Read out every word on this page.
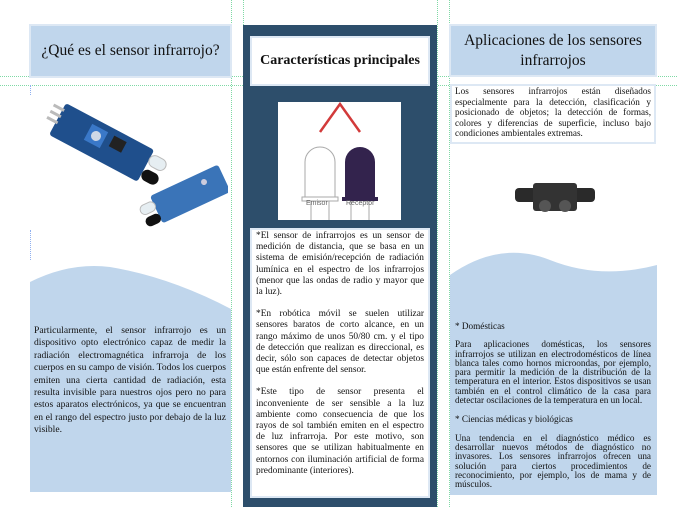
¿Qué es el sensor infrarrojo?
Particularmente, el sensor infrarrojo es un dispositivo opto electrónico capaz de medir la radiación electromagnética infrarroja de los cuerpos en su campo de visión. Todos los cuerpos emiten una cierta cantidad de radiación, esta resulta invisible para nuestros ojos pero no para estos aparatos electrónicos, ya que se encuentran en el rango del espectro justo por debajo de la luz visible.
Características principales
Emisor	Receptor

*El sensor de infrarrojos es un sensor de medición de distancia, que se basa en un sistema de emisión/recepción de radiación lumínica en el espectro de los infrarrojos (menor que las ondas de radio y mayor que la luz).

*En robótica móvil se suelen utilizar sensores baratos de corto alcance, en un rango máximo de unos 50/80 cm. y el tipo de detección que realizan es direccional, es decir, sólo son capaces de detectar objetos que están enfrente del sensor.

*Este tipo de sensor presenta el inconveniente de ser sensible a la luz ambiente como consecuencia de que los rayos de sol también emiten en el espectro de luz infrarroja. Por este motivo, son sensores que se utilizan habitualmente en entornos con iluminación artificial de forma predominante (interiores).

Aplicaciones de los sensores infrarrojos
Los sensores infrarrojos están diseñados especialmente para la detección, clasificación y posicionado de objetos; la detección de formas, colores y diferencias de superficie, incluso bajo condiciones ambientales extremas.

* Domésticas

Para aplicaciones domésticas, los sensores infrarrojos se utilizan en electrodomésticos de línea blanca tales como hornos microondas, por ejemplo, para permitir la medición de la distribución de la temperatura en el interior. Estos dispositivos se usan también en el control climático de la casa para detectar oscilaciones de la temperatura en un local.

* Ciencias médicas y biológicas

Una tendencia en el diagnóstico médico es desarrollar nuevos métodos de diagnóstico no invasores. Los sensores infrarrojos ofrecen una solución para ciertos procedimientos de reconocimiento, por ejemplo, los de mama y de músculos.
